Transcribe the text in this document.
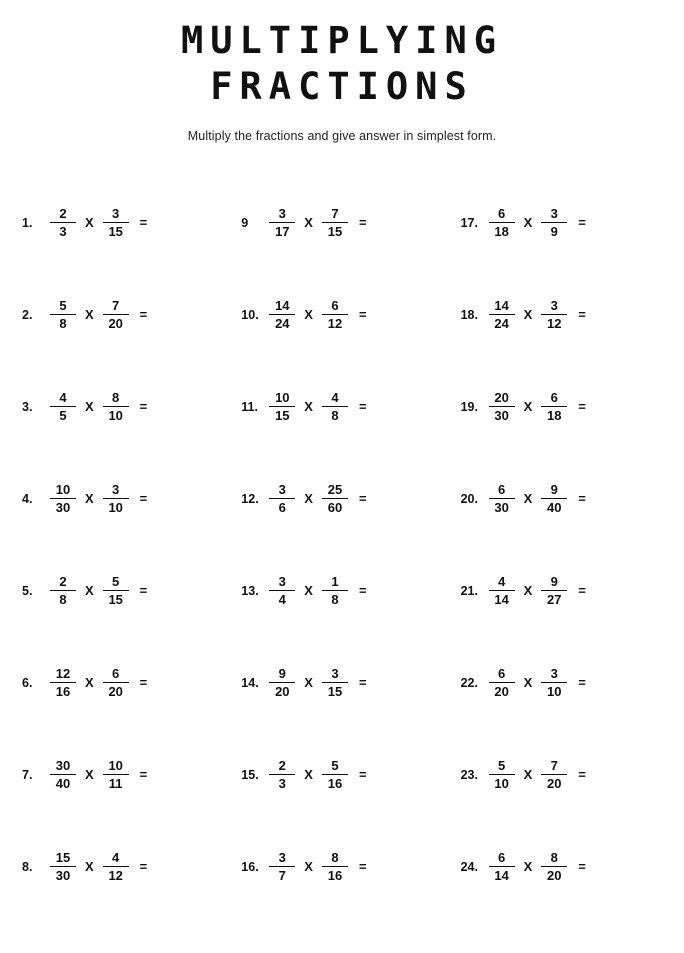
MULTIPLYING
FRACTIONS

Multiply the fractions and give answer in simplest form.

1.	$\frac{2}{3}$ X $\frac{3}{15}$ =
2.	$\frac{5}{8}$ X $\frac{7}{20}$ =
3.	$\frac{4}{5}$ X $\frac{8}{10}$ =
4.	$\frac{10}{30}$ X $\frac{3}{10}$ =
5.	$\frac{2}{8}$ X $\frac{5}{15}$ =
6.	$\frac{12}{16}$ X $\frac{6}{20}$ =
7.	$\frac{30}{40}$ X $\frac{10}{11}$ =
8.	$\frac{15}{30}$ X $\frac{4}{12}$ =
9	$\frac{3}{17}$ X $\frac{7}{15}$ =
10. $\frac{14}{24}$ X $\frac{6}{12}$ =
11. $\frac{10}{15}$ X $\frac{4}{8}$ =
12. $\frac{3}{6}$ X $\frac{25}{60}$ =
13. $\frac{3}{4}$ X $\frac{1}{8}$ =
14. $\frac{9}{20}$ X $\frac{3}{15}$ =
15. $\frac{2}{3}$ X $\frac{5}{16}$ =
16. $\frac{3}{7}$ X $\frac{8}{16}$ =
17. $\frac{6}{18}$ X $\frac{3}{9}$ =
18. $\frac{14}{24}$ X $\frac{3}{12}$ =
19. $\frac{20}{30}$ X $\frac{6}{18}$ =
20. $\frac{6}{30}$ X $\frac{9}{40}$ =
21. $\frac{4}{14}$ X $\frac{9}{27}$ =
22. $\frac{6}{20}$ X $\frac{3}{10}$ =
23. $\frac{5}{10}$ X $\frac{7}{20}$ =
24. $\frac{6}{14}$ X $\frac{8}{20}$ =
